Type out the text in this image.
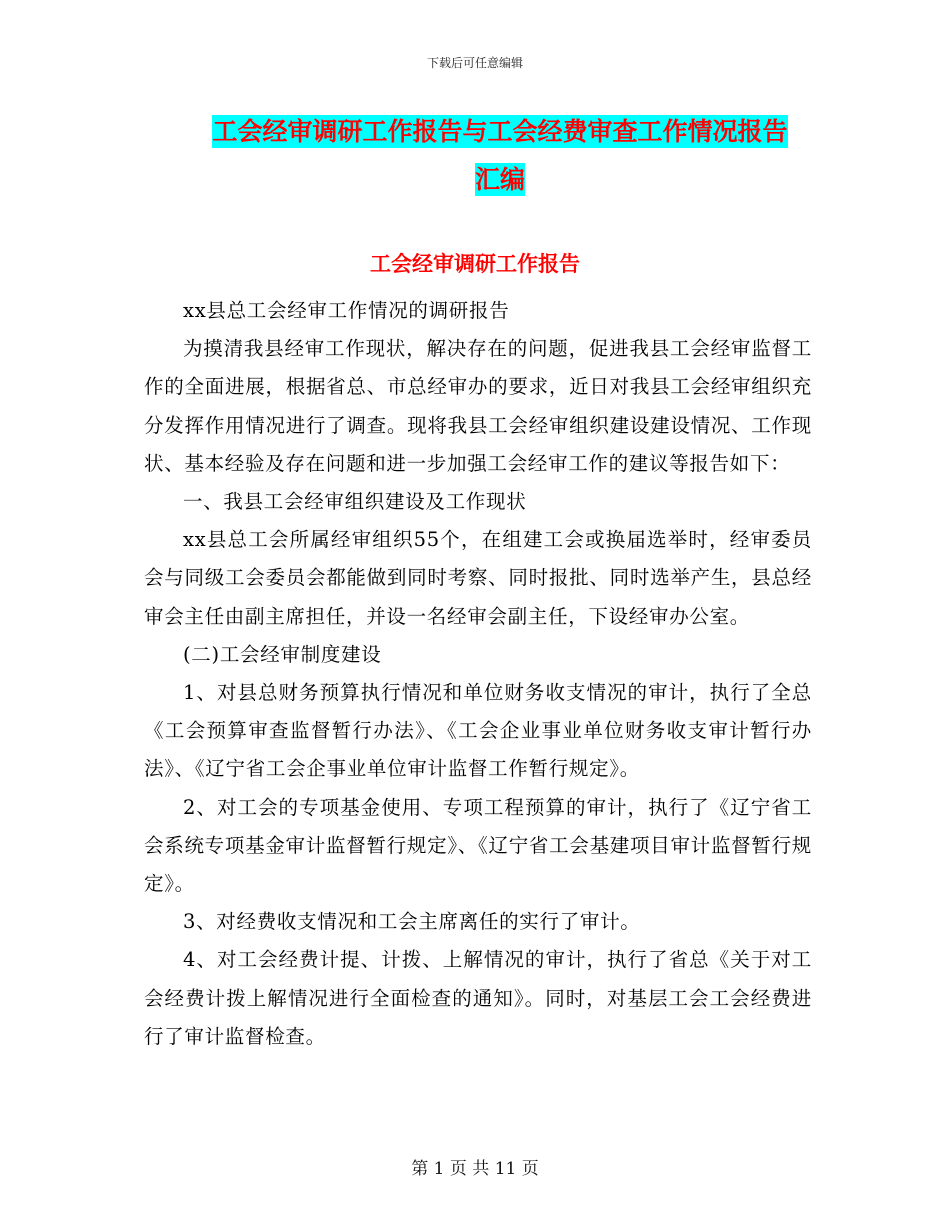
下载后可任意编辑
工会经审调研工作报告与工会经费审查工作情况报告
汇编
工会经审调研工作报告

xx县总工会经审工作情况的调研报告

为摸清我县经审工作现状，解决存在的问题，促进我县工会经审监督工作的全面进展，根据省总、市总经审办的要求，近日对我县工会经审组织充分发挥作用情况进行了调查。现将我县工会经审组织建设建设情况、工作现状、基本经验及存在问题和进一步加强工会经审工作的建议等报告如下：

一、我县工会经审组织建设及工作现状

xx县总工会所属经审组织55个，在组建工会或换届选举时，经审委员会与同级工会委员会都能做到同时考察、同时报批、同时选举产生，县总经审会主任由副主席担任，并设一名经审会副主任，下设经审办公室。

(二)工会经审制度建设

1、对县总财务预算执行情况和单位财务收支情况的审计，执行了全总《工会预算审查监督暂行办法》、《工会企业事业单位财务收支审计暂行办法》、《辽宁省工会企事业单位审计监督工作暂行规定》。

2、对工会的专项基金使用、专项工程预算的审计，执行了《辽宁省工会系统专项基金审计监督暂行规定》、《辽宁省工会基建项目审计监督暂行规定》。

3、对经费收支情况和工会主席离任的实行了审计。

4、对工会经费计提、计拨、上解情况的审计，执行了省总《关于对工会经费计拨上解情况进行全面检查的通知》。同时，对基层工会工会经费进行了审计监督检查。

第 1 页 共 11 页
